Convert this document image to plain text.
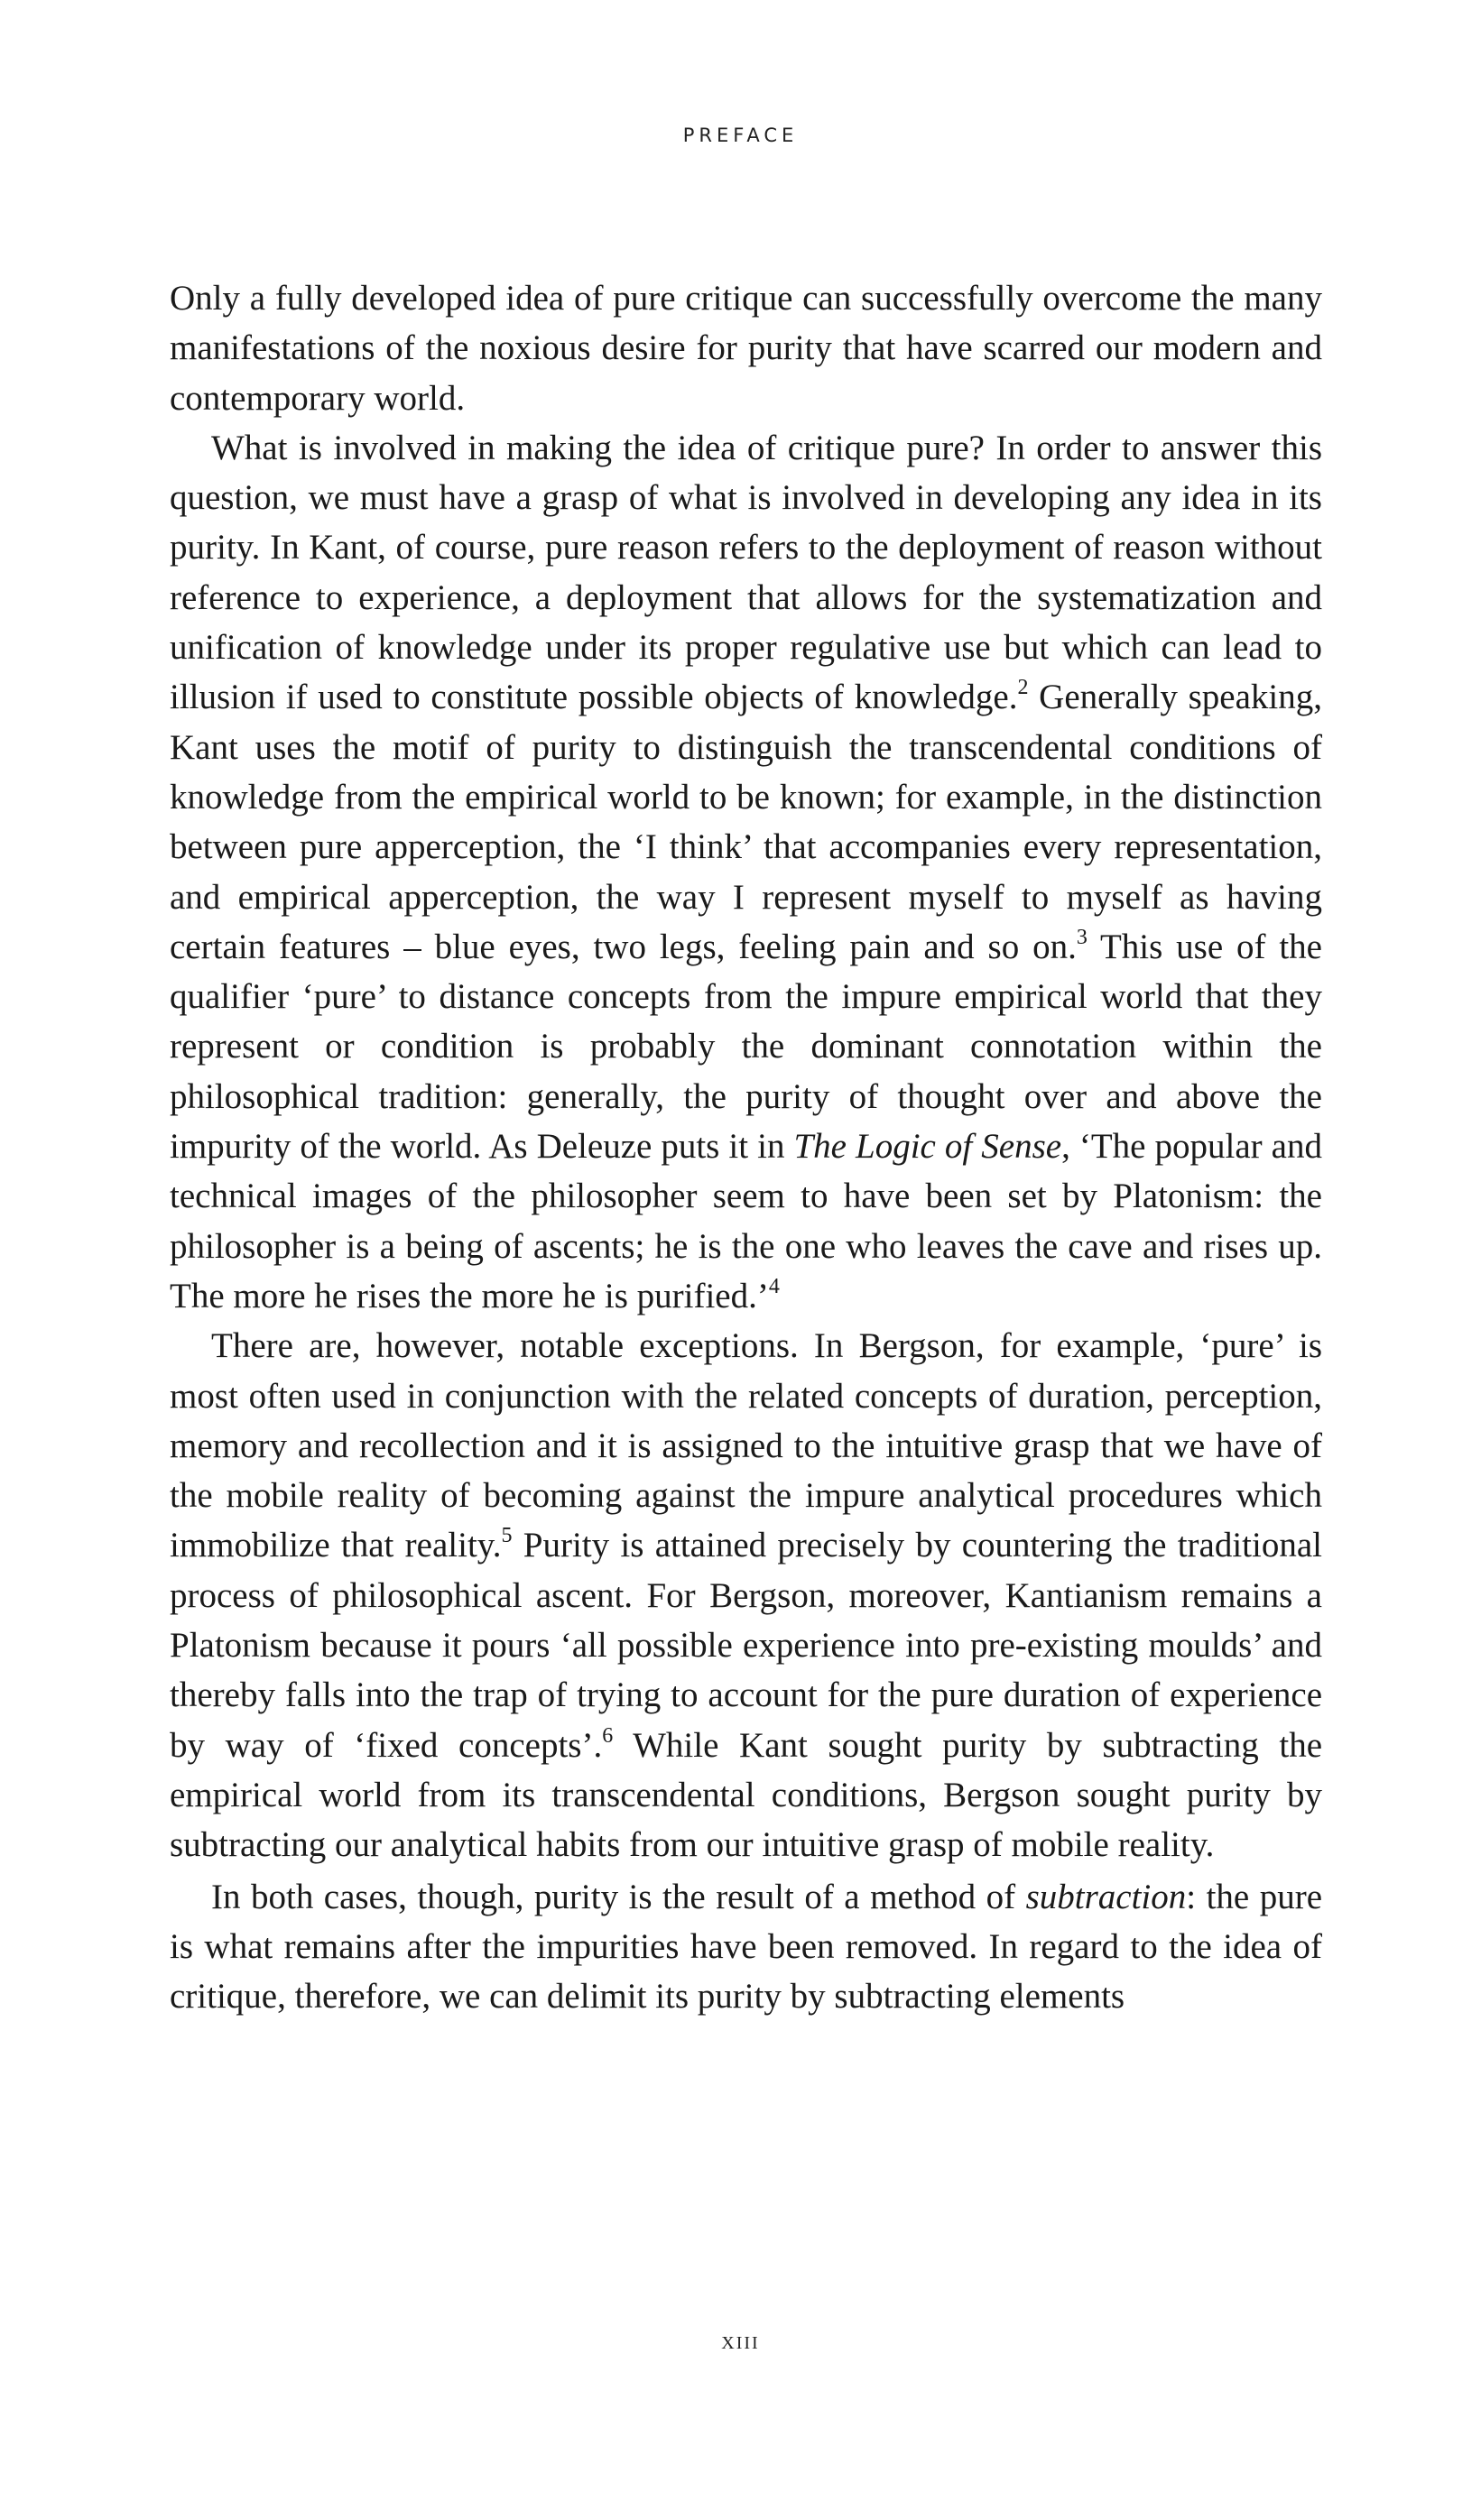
PREFACE

Only a fully developed idea of pure critique can successfully overcome the many manifestations of the noxious desire for purity that have scarred our modern and contemporary world.

What is involved in making the idea of critique pure? In order to answer this question, we must have a grasp of what is involved in developing any idea in its purity. In Kant, of course, pure reason refers to the deployment of reason without reference to experience, a deployment that allows for the systematization and unification of knowledge under its proper regulative use but which can lead to illusion if used to constitute possible objects of knowledge.$^2$ Generally speaking, Kant uses the motif of purity to distinguish the transcendental conditions of knowledge from the empirical world to be known; for example, in the distinction between pure apperception, the ‘I think’ that accompanies every representation, and empirical apperception, the way I represent myself to myself as having certain features – blue eyes, two legs, feeling pain and so on.$^3$ This use of the qualifier ‘pure’ to distance concepts from the impure empirical world that they represent or condition is probably the dominant connotation within the philosophical tradition: generally, the purity of thought over and above the impurity of the world. As Deleuze puts it in The Logic of Sense, ‘The popular and technical images of the philosopher seem to have been set by Platonism: the philosopher is a being of ascents; he is the one who leaves the cave and rises up. The more he rises the more he is purified.’$^4$

There are, however, notable exceptions. In Bergson, for example, ‘pure’ is most often used in conjunction with the related concepts of duration, perception, memory and recollection and it is assigned to the intuitive grasp that we have of the mobile reality of becoming against the impure analytical procedures which immobilize that reality.$^5$ Purity is attained precisely by countering the traditional process of philosophical ascent. For Bergson, moreover, Kantianism remains a Platonism because it pours ‘all possible experience into pre-existing moulds’ and thereby falls into the trap of trying to account for the pure duration of experience by way of ‘fixed concepts’.$^6$ While Kant sought purity by subtracting the empirical world from its transcendental conditions, Bergson sought purity by subtracting our analytical habits from our intuitive grasp of mobile reality.

In both cases, though, purity is the result of a method of subtraction: the pure is what remains after the impurities have been removed. In regard to the idea of critique, therefore, we can delimit its purity by subtracting elements

xiii
